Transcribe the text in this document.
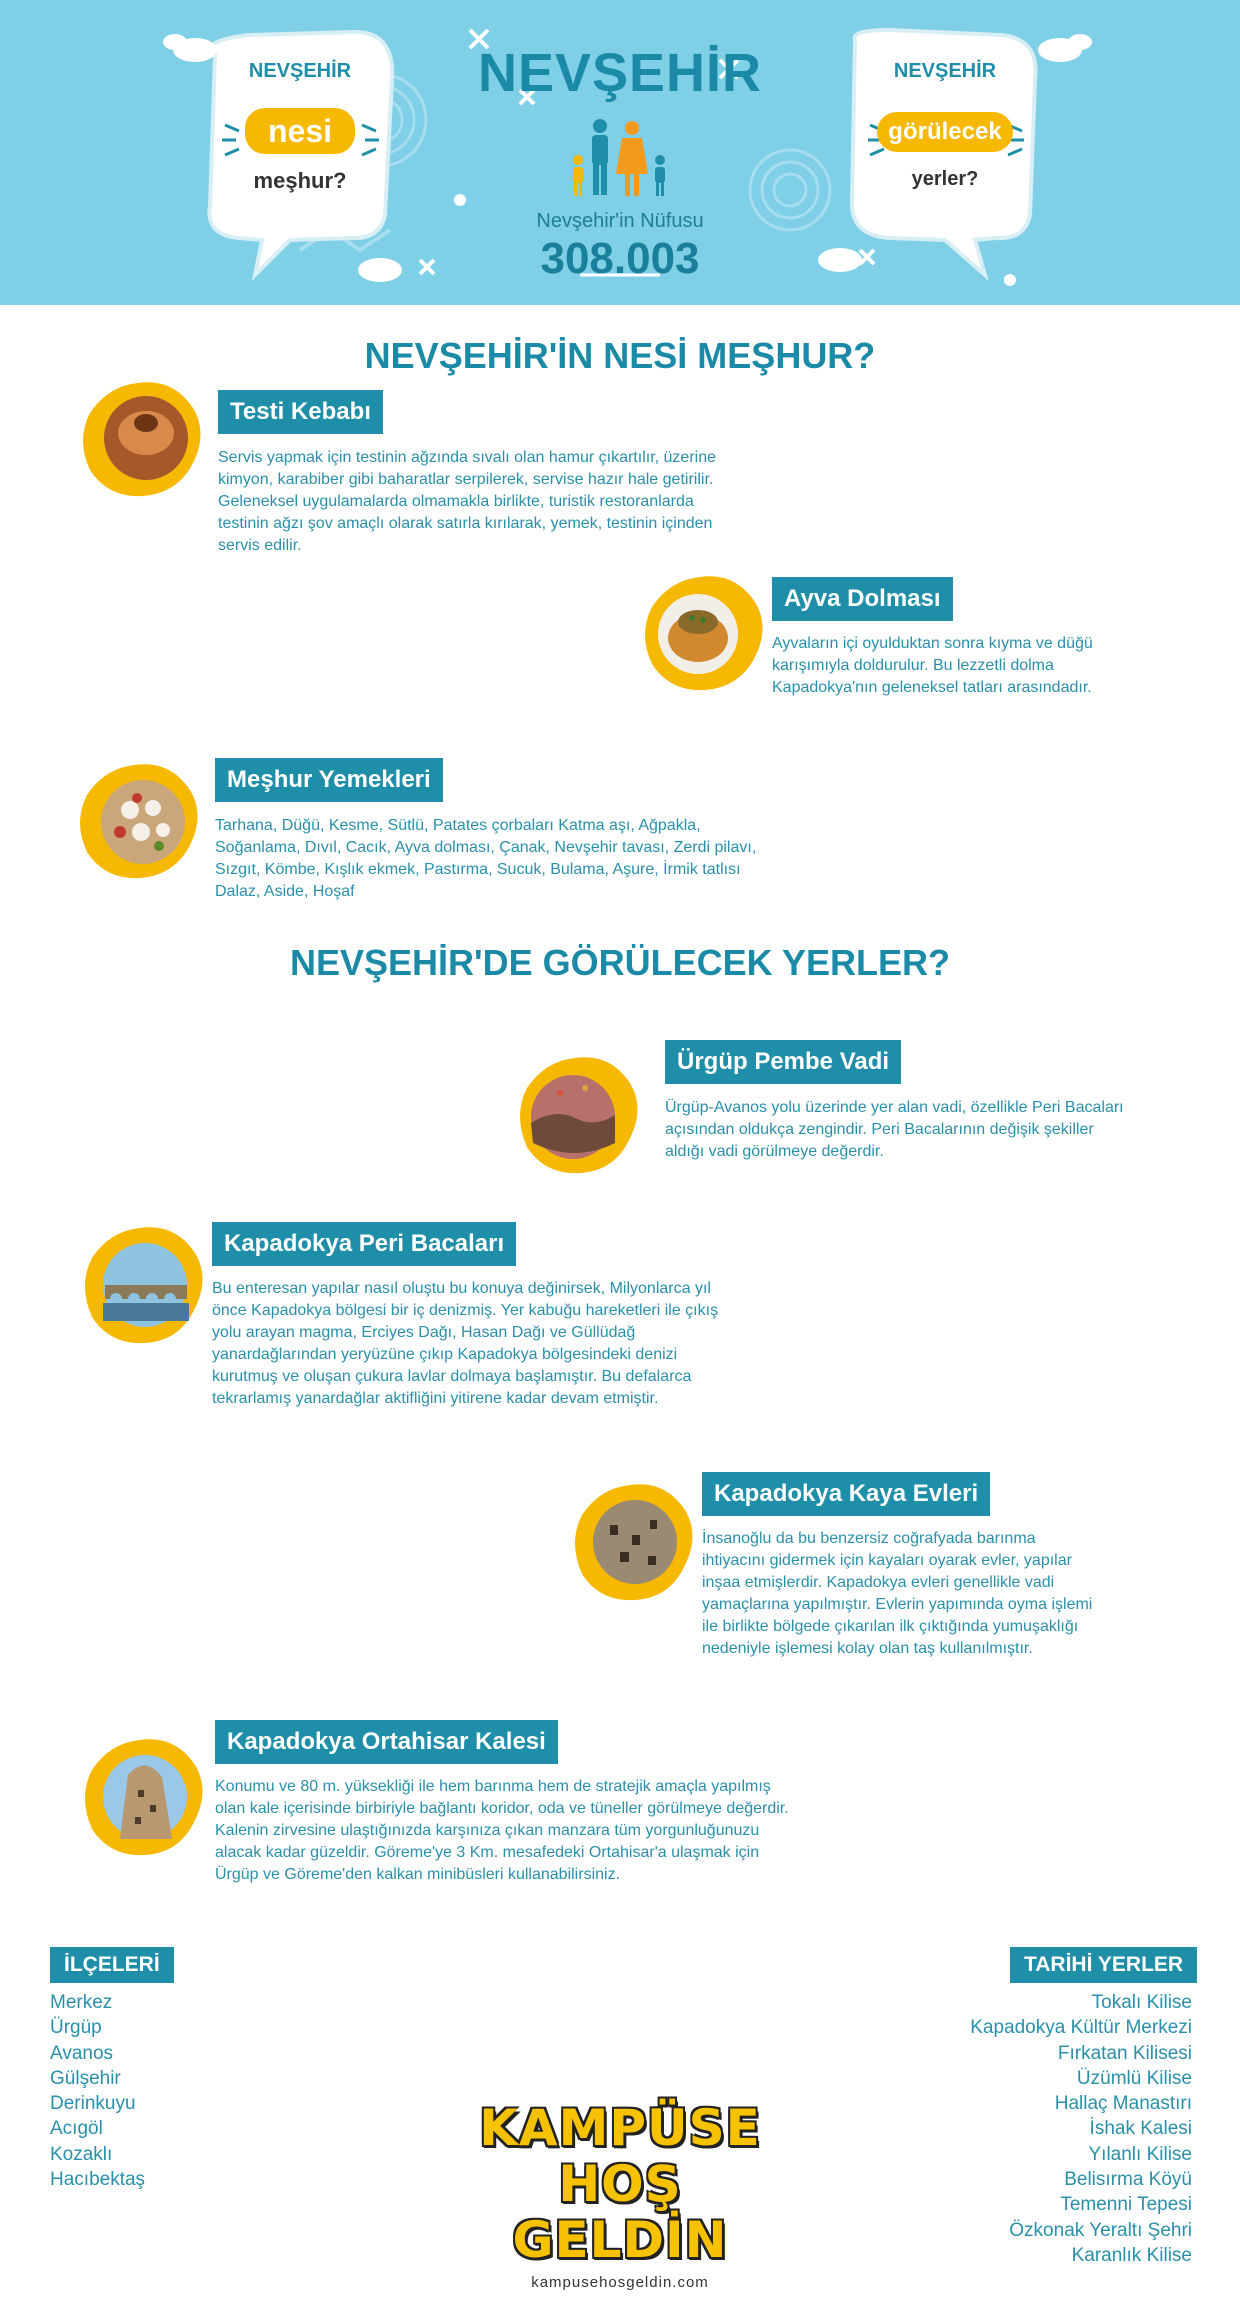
NEVŞEHİR
nesi
meşhur?
NEVŞEHİR
görülecek
yerler?
NEVŞEHİR
Nevşehir'in Nüfusu
308.003
NEVŞEHİR'İN NESİ MEŞHUR?
Testi Kebabı
Servis yapmak için testinin ağzında sıvalı olan hamur çıkartılır, üzerine kimyon, karabiber gibi baharatlar serpilerek, servise hazır hale getirilir. Geleneksel uygulamalarda olmamakla birlikte, turistik restoranlarda testinin ağzı şov amaçlı olarak satırla kırılarak, yemek, testinin içinden servis edilir.
Ayva Dolması
Ayvaların içi oyulduktan sonra kıyma ve düğü karışımıyla doldurulur. Bu lezzetli dolma Kapadokya'nın geleneksel tatları arasındadır.
Meşhur Yemekleri
Tarhana, Düğü, Kesme, Sütlü, Patates çorbaları Katma aşı, Ağpakla, Soğanlama, Dıvıl, Cacık, Ayva dolması, Çanak, Nevşehir tavası, Zerdi pilavı, Sızgıt, Kömbe, Kışlık ekmek, Pastırma, Sucuk, Bulama, Aşure, İrmik tatlısı Dalaz, Aside, Hoşaf
NEVŞEHİR'DE GÖRÜLECEK YERLER?
Ürgüp Pembe Vadi
Ürgüp-Avanos yolu üzerinde yer alan vadi, özellikle Peri Bacaları açısından oldukça zengindir. Peri Bacalarının değişik şekiller aldığı vadi görülmeye değerdir.
Kapadokya Peri Bacaları
Bu enteresan yapılar nasıl oluştu bu konuya değinirsek, Milyonlarca yıl önce Kapadokya bölgesi bir iç denizmiş. Yer kabuğu hareketleri ile çıkış yolu arayan magma, Erciyes Dağı, Hasan Dağı ve Güllüdağ yanardağlarından yeryüzüne çıkıp Kapadokya bölgesindeki denizi kurutmuş ve oluşan çukura lavlar dolmaya başlamıştır. Bu defalarca tekrarlamış yanardağlar aktifliğini yitirene kadar devam etmiştir.
Kapadokya Kaya Evleri
İnsanoğlu da bu benzersiz coğrafyada barınma ihtiyacını gidermek için kayaları oyarak evler, yapılar inşaa etmişlerdir. Kapadokya evleri genellikle vadi yamaçlarına yapılmıştır. Evlerin yapımında oyma işlemi ile birlikte bölgede çıkarılan ilk çıktığında yumuşaklığı nedeniyle işlemesi kolay olan taş kullanılmıştır.
Kapadokya Ortahisar Kalesi
Konumu ve 80 m. yüksekliği ile hem barınma hem de stratejik amaçla yapılmış olan kale içerisinde birbiriyle bağlantı koridor, oda ve tüneller görülmeye değerdir. Kalenin zirvesine ulaştığınızda karşınıza çıkan manzara tüm yorgunluğunuzu alacak kadar güzeldir. Göreme'ye 3 Km. mesafedeki Ortahisar'a ulaşmak için Ürgüp ve Göreme'den kalkan minibüsleri kullanabilirsiniz.
İLÇELERİ
Merkez
Ürgüp
Avanos
Gülşehir
Derinkuyu
Acıgöl
Kozaklı
Hacıbektaş
TARİHİ YERLER
Tokalı Kilise
Kapadokya Kültür Merkezi
Fırkatan Kilisesi
Üzümlü Kilise
Hallaç Manastırı
İshak Kalesi
Yılanlı Kilise
Belisırma Köyü
Temenni Tepesi
Özkonak Yeraltı Şehri
Karanlık Kilise
KAMPÜSE
HOŞ GELDİN
kampusehosgeldin.com
